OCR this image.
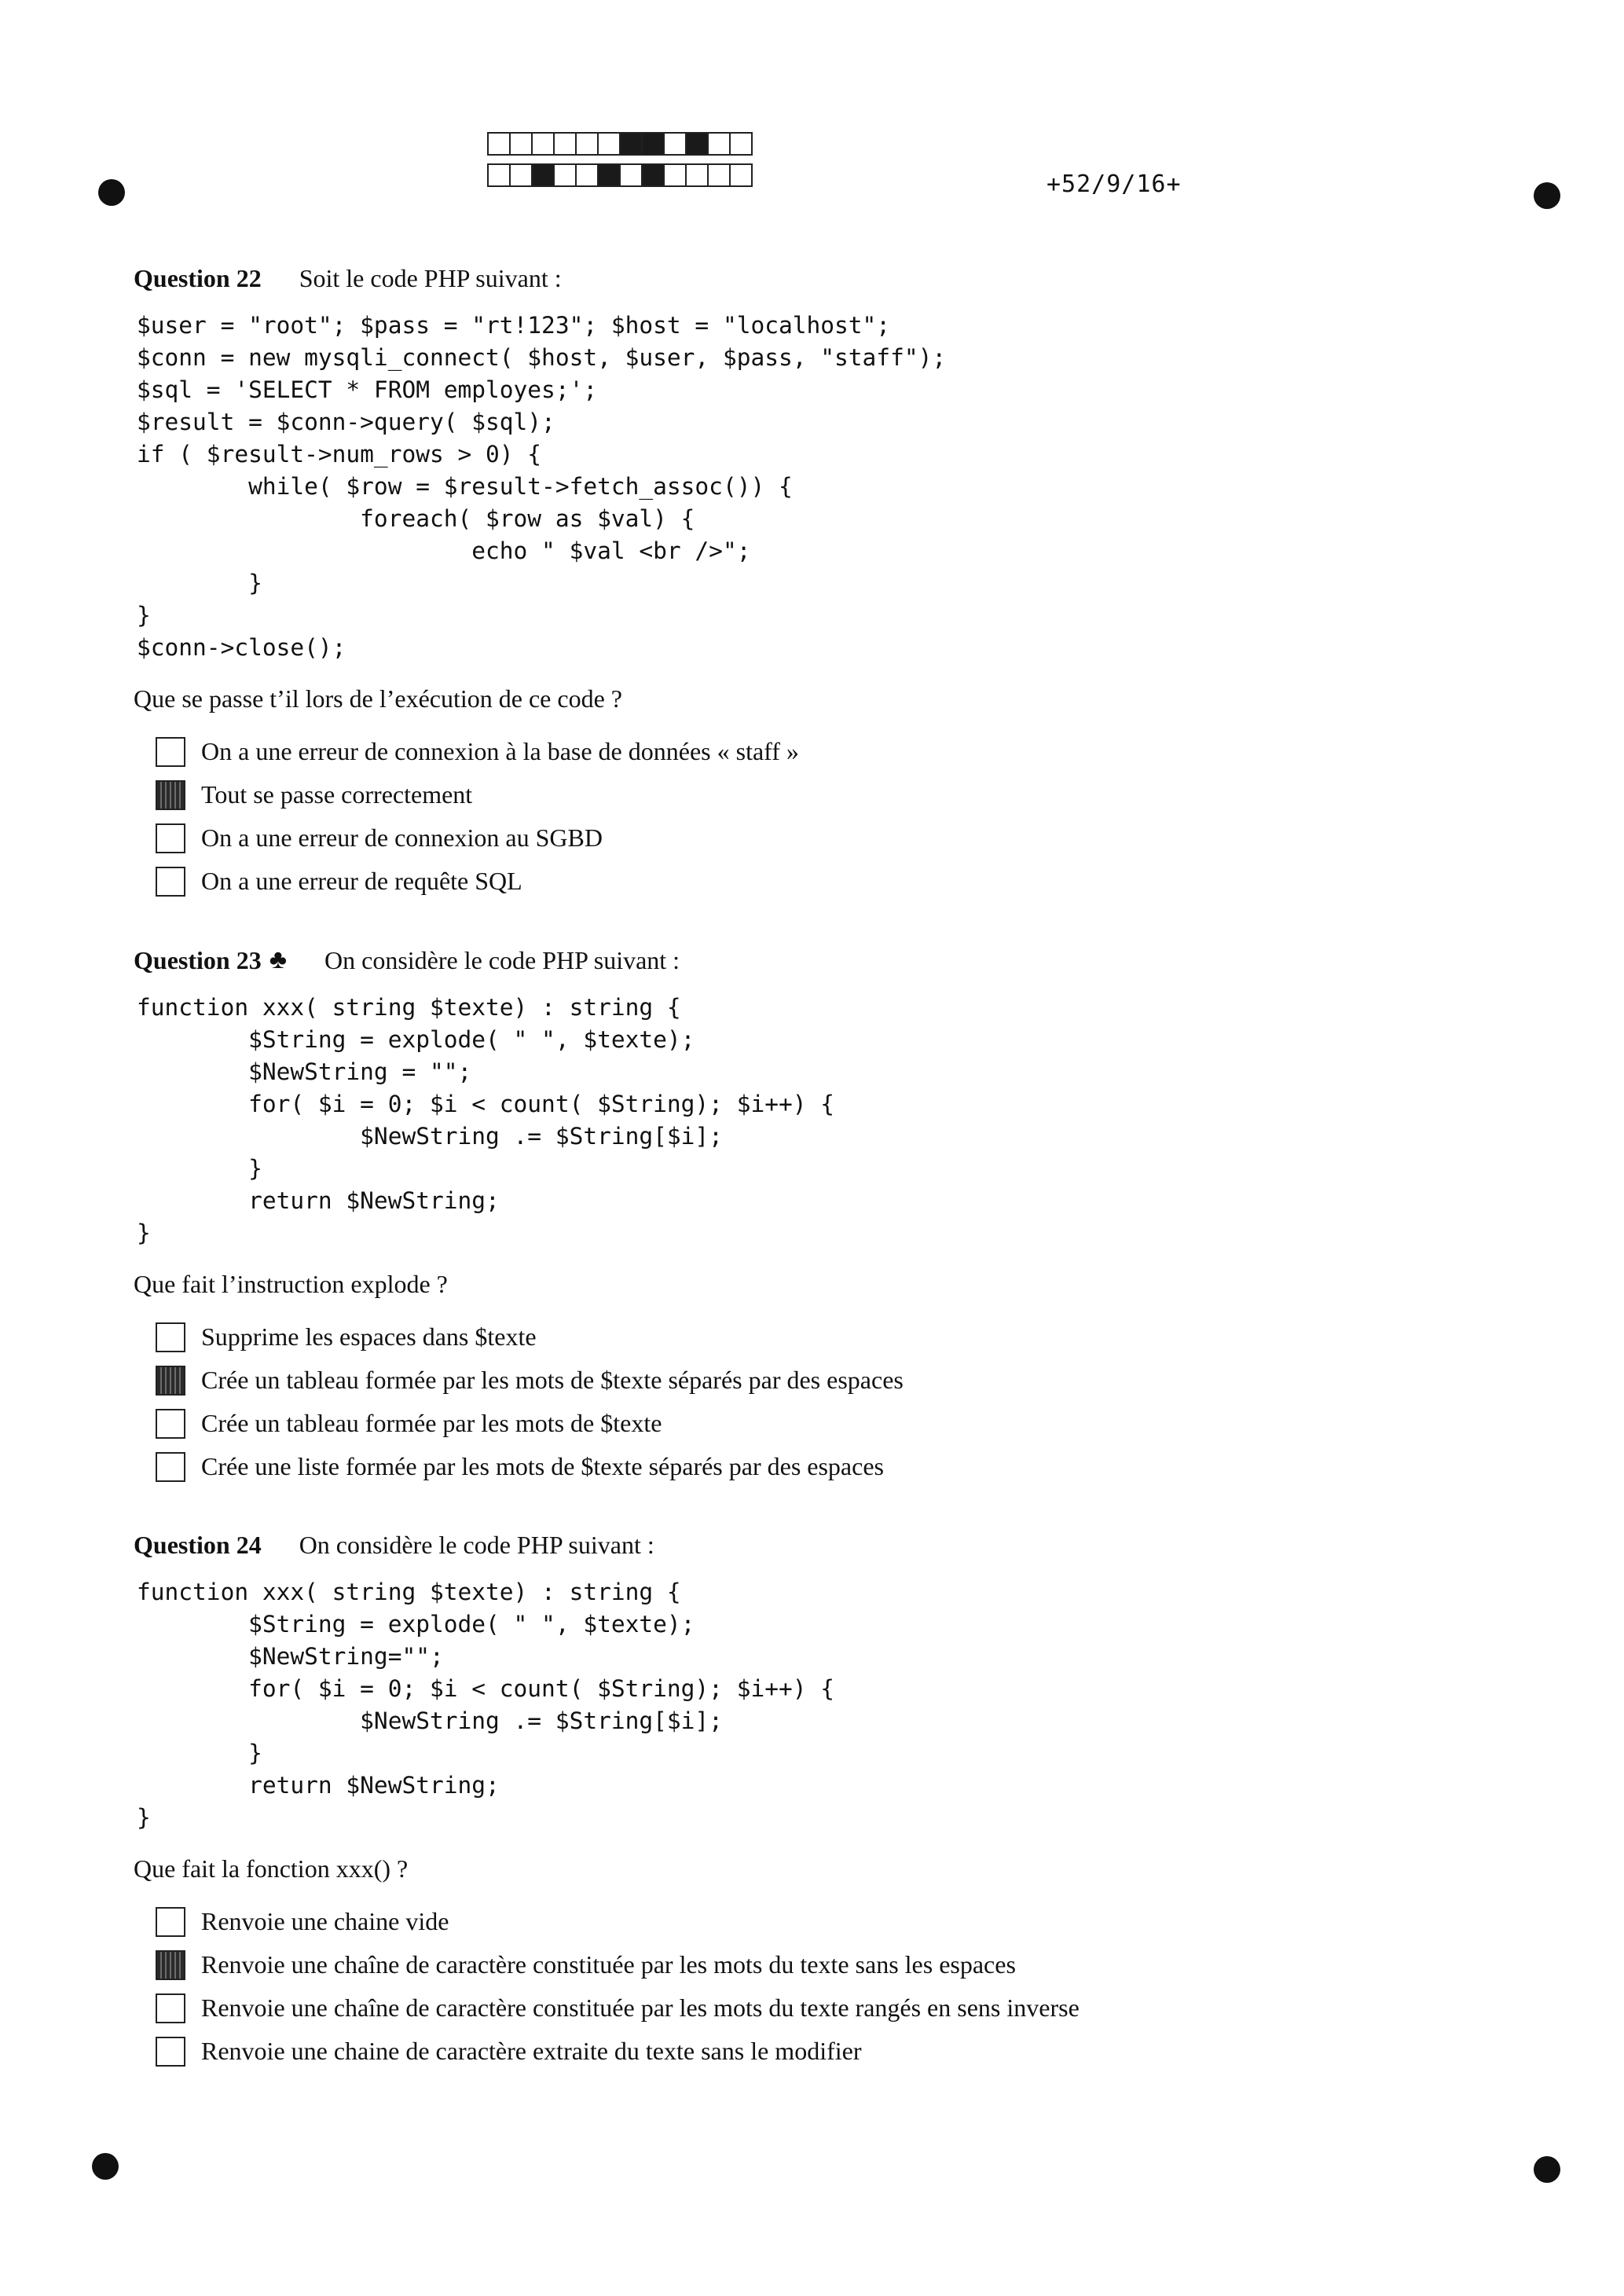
+52/9/16+
Question 22 Soit le code PHP suivant :
$user = "root"; $pass = "rt!123"; $host = "localhost";
$conn = new mysqli_connect( $host, $user, $pass, "staff");
$sql = 'SELECT * FROM employes;';
$result = $conn->query( $sql);
if ( $result->num_rows > 0) {
while( $row = $result->fetch_assoc()) {
foreach( $row as $val) {
echo " $val <br />";
}
}
$conn->close();
Que se passe t’il lors de l’exécution de ce code ?
On a une erreur de connexion à la base de données « staff »
Tout se passe correctement
On a une erreur de connexion au SGBD
On a une erreur de requête SQL
Question 23 ♣ On considère le code PHP suivant :
function xxx( string $texte) : string {
$String = explode( " ", $texte);
$NewString = "";
for( $i = 0; $i < count( $String); $i++) {
$NewString .= $String[$i];
}
return $NewString;
}
Que fait l’instruction explode ?
Supprime les espaces dans $texte
Crée un tableau formée par les mots de $texte séparés par des espaces
Crée un tableau formée par les mots de $texte
Crée une liste formée par les mots de $texte séparés par des espaces
Question 24 On considère le code PHP suivant :
function xxx( string $texte) : string {
$String = explode( " ", $texte);
$NewString="";
for( $i = 0; $i < count( $String); $i++) {
$NewString .= $String[$i];
}
return $NewString;
}
Que fait la fonction xxx() ?
Renvoie une chaine vide
Renvoie une chaîne de caractère constituée par les mots du texte sans les espaces
Renvoie une chaîne de caractère constituée par les mots du texte rangés en sens inverse
Renvoie une chaine de caractère extraite du texte sans le modifier
